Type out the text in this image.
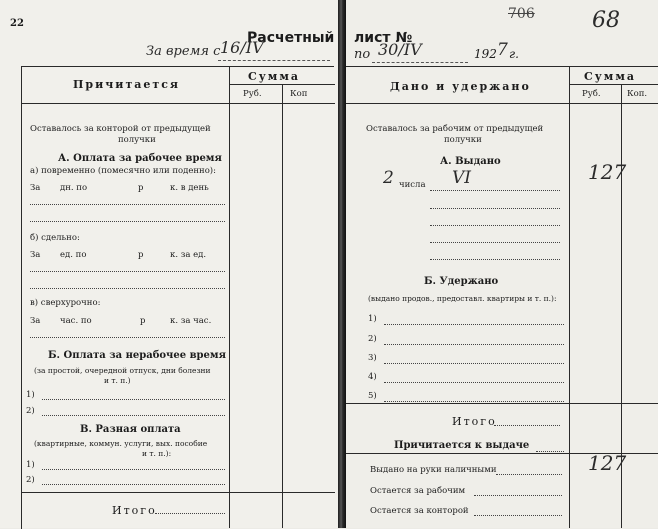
22
Расчетный
За время с 16/IV
Причитается
Сумма
Руб.	Коп
Оставалось за конторой от предыдущей
получки
А. Оплата за рабочее время
а) повременно (помесячно или поденно):
За дн. по	р	к. в день
б) сдельно:
За ед. по	р	к. за ед.
в) сверхурочно:
За час. по	р	к. за час.
Б. Оплата за нерабочее время
(за простой, очередной отпуск, дни болезни
и т. п.)
1)
2)
В. Разная оплата
(квартирные, коммун. услуги, вых. пособие
и т. п.):
1)
2)
Итого
лист №
706	68
по 30/IV	192 7 г.
Дано и удержано
Сумма
Руб.	Коп.
Оставалось за рабочим от предыдущей
получки
А. Выдано
2 числа VI	127
Б. Удержано
(выдано продов., предоставл. квартиры и т. п.):
1)
2)
3)
4)
5)
Итого
Причитается к выдаче
Выдано на руки наличными	127
Остается за рабочим
Остается за конторой
